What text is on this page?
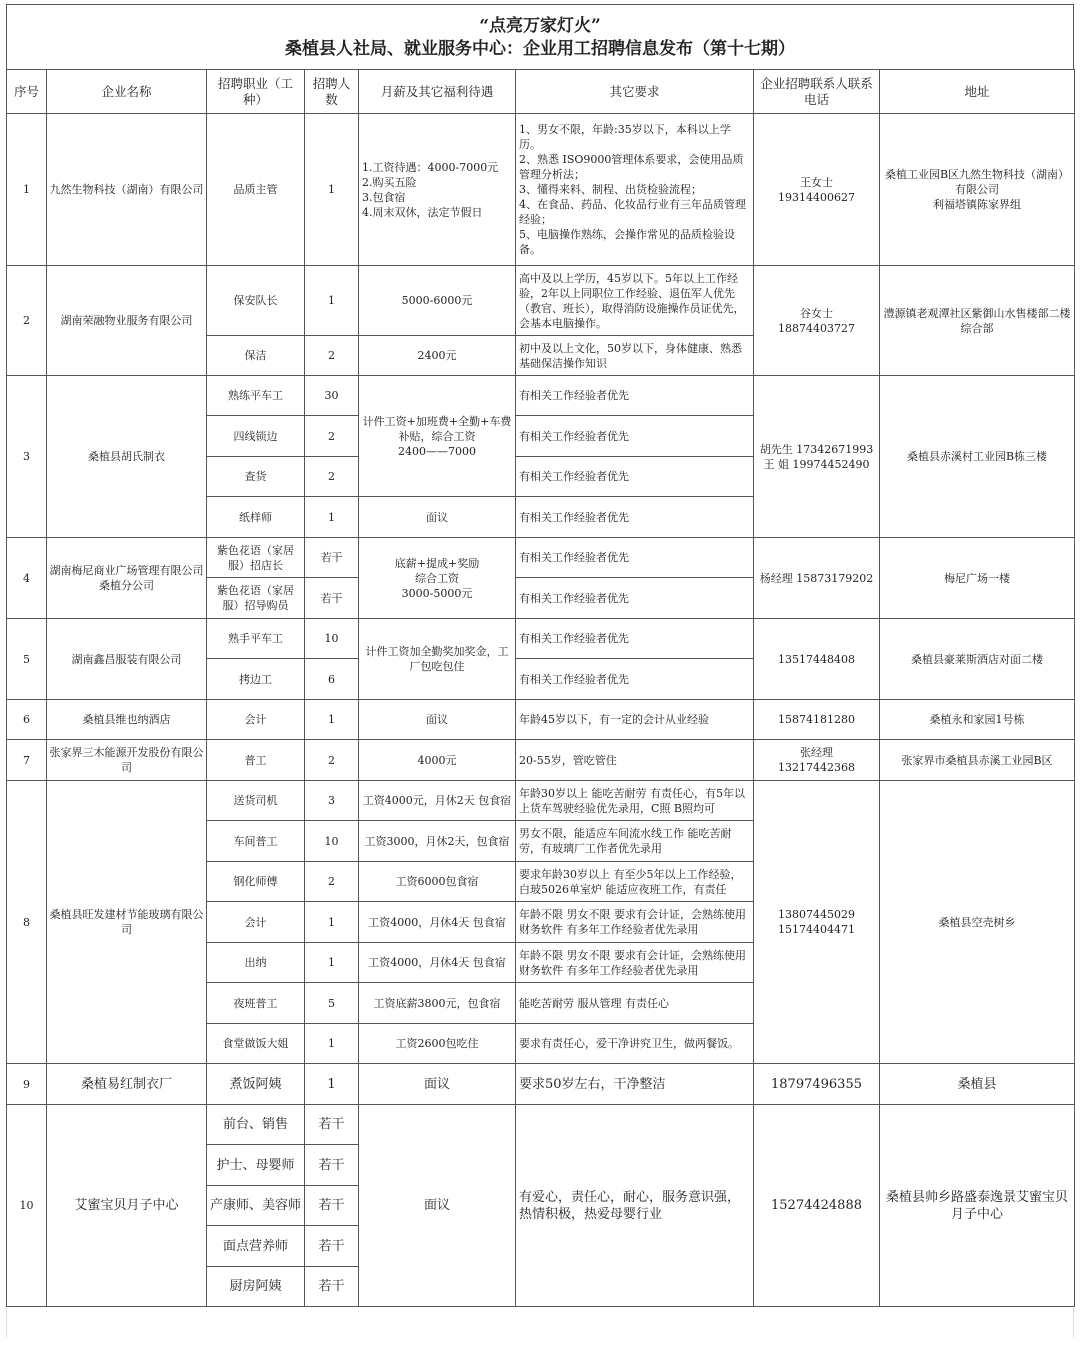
“点亮万家灯火”
桑植县人社局、就业服务中心：企业用工招聘信息发布（第十七期）
序号	企业名称	招聘职业（工种）	招聘人数	月薪及其它福利待遇	其它要求	企业招聘联系人联系电话	地址
1	九然生物科技（湖南）有限公司	品质主管	1	1.工资待遇：4000-7000元
2.购买五险
3.包食宿
4.周末双休，法定节假日	1、男女不限，年龄:35岁以下，本科以上学历。
2、熟悉 ISO9000管理体系要求，会使用品质管理分析法；
3、懂得来料、制程、出货检验流程；
4、在食品、药品、化妆品行业有三年品质管理经验；
5、电脑操作熟练，会操作常见的品质检验设备。	王女士
19314400627	桑植工业园B区九然生物科技（湖南）有限公司
利福塔镇陈家界组
2	湖南荣融物业服务有限公司	保安队长	1	5000-6000元	高中及以上学历，45岁以下。5年以上工作经验，2年以上同职位工作经验、退伍军人优先（教官、班长），取得消防设施操作员证优先，会基本电脑操作。	谷女士
18874403727	澧源镇老观潭社区紫御山水售楼部二楼 综合部
		保洁	2	2400元	初中及以上文化，50岁以下，身体健康、熟悉基础保洁操作知识		
3	桑植县胡氏制衣	熟练平车工	30	计件工资+加班费+全勤+车费补贴，综合工资
2400——7000	有相关工作经验者优先	胡先生 17342671993
王 姐 19974452490	桑植县赤溪村工业园B栋三楼
		四线锁边	2		有相关工作经验者优先		
		查货	2		有相关工作经验者优先		
		纸样师	1	面议	有相关工作经验者优先		
4	湖南梅尼商业广场管理有限公司桑植分公司	紫色花语（家居服）招店长	若干	底薪+提成+奖励
综合工资
3000-5000元	有相关工作经验者优先	杨经理 15873179202	梅尼广场一楼
		紫色花语（家居服）招导购员	若干		有相关工作经验者优先		
5	湖南鑫昌服装有限公司	熟手平车工	10	计件工资加全勤奖加奖金，工厂包吃包住	有相关工作经验者优先	13517448408	桑植县豪莱斯酒店对面二楼
		拷边工	6		有相关工作经验者优先		
6	桑植县维也纳酒店	会计	1	面议	年龄45岁以下，有一定的会计从业经验	15874181280	桑植永和家园1号栋
7	张家界三木能源开发股份有限公司	普工	2	4000元	20-55岁，管吃管住	张经理
13217442368	张家界市桑植县赤溪工业园B区
8	桑植县旺发建材节能玻璃有限公司	送货司机	3	工资4000元，月休2天 包食宿	年龄30岁以上 能吃苦耐劳 有责任心，有5年以上货车驾驶经验优先录用，C照 B照均可	13807445029
15174404471	桑植县空壳树乡
		车间普工	10	工资3000，月休2天，包食宿	男女不限，能适应车间流水线工作 能吃苦耐劳，有玻璃厂工作者优先录用		
		钢化师傅	2	工资6000包食宿	要求年龄30岁以上 有至少5年以上工作经验，白玻5026单室炉 能适应夜班工作，有责任		
		会计	1	工资4000，月休4天 包食宿	年龄不限 男女不限 要求有会计证，会熟练使用财务软件 有多年工作经验者优先录用		
		出纳	1	工资4000，月休4天 包食宿	年龄不限 男女不限 要求有会计证，会熟练使用财务软件 有多年工作经验者优先录用		
		夜班普工	5	工资底薪3800元，包食宿	能吃苦耐劳 服从管理 有责任心		
		食堂做饭大姐	1	工资2600包吃住	要求有责任心，爱干净讲究卫生，做两餐饭。		
9	桑植易红制衣厂	煮饭阿姨	1	面议	要求50岁左右，干净整洁	18797496355	桑植县
10	艾蜜宝贝月子中心	前台、销售	若干	面议	有爱心，责任心，耐心，服务意识强，热情积极，热爱母婴行业	15274424888	桑植县帅乡路盛泰逸景艾蜜宝贝月子中心
		护士、母婴师	若干				
		产康师、美容师	若干				
		面点营养师	若干				
		厨房阿姨	若干				
